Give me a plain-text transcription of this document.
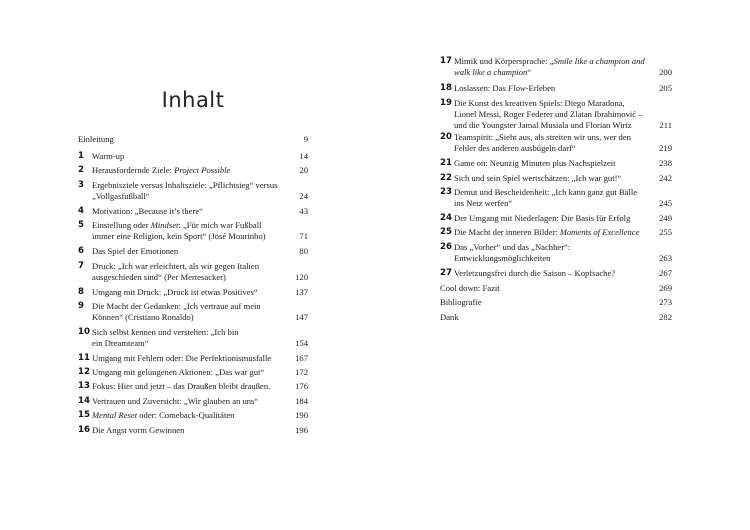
Inhalt
Einleitung	9
1 Warm-up	14
2 Herausfordernde Ziele: Project Possible	20
3 Ergebnisziele versus Inhaltsziele: „Pflichtsieg“ versus
„Vollgasfußball“	24
4 Motivation: „Because it’s there“	43
5 Einstellung oder Mindset: „Für mich war Fußball
immer eine Religion, kein Sport“ (José Mourinho)	71
6 Das Spiel der Emotionen	80
7 Druck: „Ich war erleichtert, als wir gegen Italien
ausgeschieden sind“ (Per Mertesacker)	120
8 Umgang mit Druck: „Druck ist etwas Positives“	137
9 Die Macht der Gedanken: „Ich vertraue auf mein
Können“ (Cristiano Ronaldo)	147
10 Sich selbst kennen und verstehen: „Ich bin
ein Dreamteam“	154
11 Umgang mit Fehlern oder: Die Perfektionismusfalle	167
12 Umgang mit gelungenen Aktionen: „Das war gut“	172
13 Fokus: Hier und jetzt – das Draußen bleibt draußen.	176
14 Vertrauen und Zuversicht: „Wir glauben an uns“	184
15 Mental Reset oder: Comeback-Qualitäten	190
16 Die Angst vorm Gewinnen	196
17 Mimik und Körpersprache: „Smile like a champion and
walk like a champion“	200
18 Loslassen: Das Flow-Erleben	205
19 Die Kunst des kreativen Spiels: Diego Maradona,
Lionel Messi, Roger Federer und Zlatan Ibrahimović –
und die Youngster Jamal Musiala und Florian Wirtz	211
20 Teamspirit: „Sieht aus, als streiten wir uns, wer den
Fehler des anderen ausbügeln darf“	219
21 Game on: Neunzig Minuten plus Nachspielzeit	238
22 Sich und sein Spiel wertschätzen: „Ich war gut!“	242
23 Demut und Bescheidenheit: „Ich kann ganz gut Bälle
ins Netz werfen“	245
24 Der Umgang mit Niederlagen: Die Basis für Erfolg	249
25 Die Macht der inneren Bilder: Moments of Excellence	255
26 Das „Vorher“ und das „Nachher“:
Entwicklungsmöglichkeiten	263
27 Verletzungsfrei durch die Saison – Kopfsache?	267
Cool down: Fazit	269
Bibliografie	273
Dank	282
